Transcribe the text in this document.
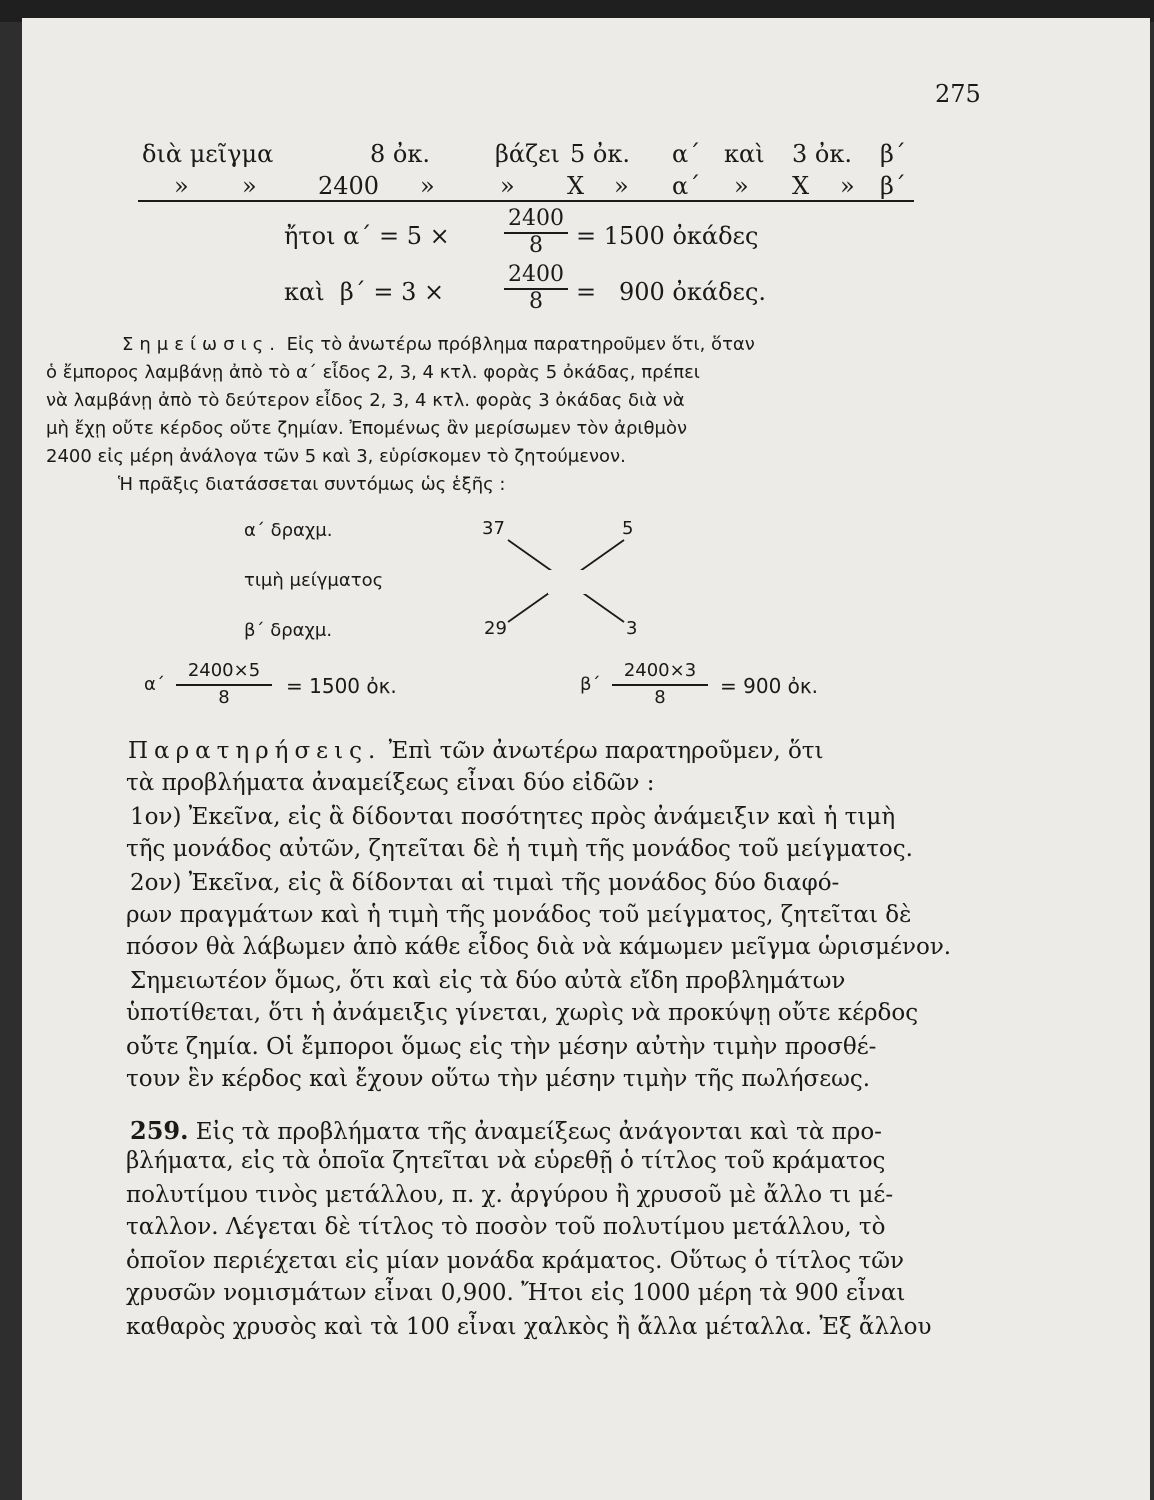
275
διὰ μεῖγμα	8 ὀκ.	βάζει 5 ὀκ. α΄ καὶ 3 ὀκ. β΄
» »	2400 »	» X » α΄ » X » β΄
ἤτοι $\alpha΄ = 5 \times \frac{2400}{8} = 1500$ ὀκάδες
καὶ  β΄ = 3 ×	$\frac{2400}{8} = 900$ ὀκάδες.
Σημείωσις. Εἰς τὸ ἀνωτέρω πρόβλημα παρατηροῦμεν ὅτι, ὅταν
ὁ ἔμπορος λαμβάνῃ ἀπὸ τὸ α΄ εἶδος 2, 3, 4 κτλ. φορὰς 5 ὀκάδας, πρέπει
νὰ λαμβάνῃ ἀπὸ τὸ δεύτερον εἶδος 2, 3, 4 κτλ. φορὰς 3 ὀκάδας διὰ νὰ
μὴ ἔχῃ οὔτε κέρδος οὔτε ζημίαν. Ἐπομένως ἂν μερίσωμεν τὸν ἀριθμὸν
2400 εἰς μέρη ἀνάλογα τῶν 5 καὶ 3, εὑρίσκομεν τὸ ζητούμενον.
Ἡ πρᾶξις διατάσσεται συντόμως ὡς ἑξῆς :
α΄ δραχμ.	37	5
τιμὴ μείγματος
β΄ δραχμ.	29	3
$\alpha΄ \frac{2400\times 5}{8} = 1500$ ὀκ.	$\beta΄ \frac{2400\times 3}{8} = 900$ ὀκ.
Παρατηρήσεις. Ἐπὶ τῶν ἀνωτέρω παρατηροῦμεν, ὅτι
τὰ προβλήματα ἀναμείξεως εἶναι δύο εἰδῶν :
1ον) Ἐκεῖνα, εἰς ἃ δίδονται ποσότητες πρὸς ἀνάμειξιν καὶ ἡ τιμὴ
τῆς μονάδος αὐτῶν, ζητεῖται δὲ ἡ τιμὴ τῆς μονάδος τοῦ μείγματος.
2ον) Ἐκεῖνα, εἰς ἃ δίδονται αἱ τιμαὶ τῆς μονάδος δύο διαφό-
ρων πραγμάτων καὶ ἡ τιμὴ τῆς μονάδος τοῦ μείγματος, ζητεῖται δὲ
πόσον θὰ λάβωμεν ἀπὸ κάθε εἶδος διὰ νὰ κάμωμεν μεῖγμα ὡρισμένον.
Σημειωτέον ὅμως, ὅτι καὶ εἰς τὰ δύο αὐτὰ εἴδη προβλημάτων
ὑποτίθεται, ὅτι ἡ ἀνάμειξις γίνεται, χωρὶς νὰ προκύψῃ οὔτε κέρδος
οὔτε ζημία. Οἱ ἔμποροι ὅμως εἰς τὴν μέσην αὐτὴν τιμὴν προσθέ-
τουν ἓν κέρδος καὶ ἔχουν οὕτω τὴν μέσην τιμὴν τῆς πωλήσεως.
259. Εἰς τὰ προβλήματα τῆς ἀναμείξεως ἀνάγονται καὶ τὰ προ-
βλήματα, εἰς τὰ ὁποῖα ζητεῖται νὰ εὑρεθῇ ὁ τίτλος τοῦ κράματος
πολυτίμου τινὸς μετάλλου, π. χ. ἀργύρου ἢ χρυσοῦ μὲ ἄλλο τι μέ-
ταλλον. Λέγεται δὲ τίτλος τὸ ποσὸν τοῦ πολυτίμου μετάλλου, τὸ
ὁποῖον περιέχεται εἰς μίαν μονάδα κράματος. Οὕτως ὁ τίτλος τῶν
χρυσῶν νομισμάτων εἶναι 0,900. Ἤτοι εἰς 1000 μέρη τὰ 900 εἶναι
καθαρὸς χρυσὸς καὶ τὰ 100 εἶναι χαλκὸς ἢ ἄλλα μέταλλα. Ἐξ ἄλλου
